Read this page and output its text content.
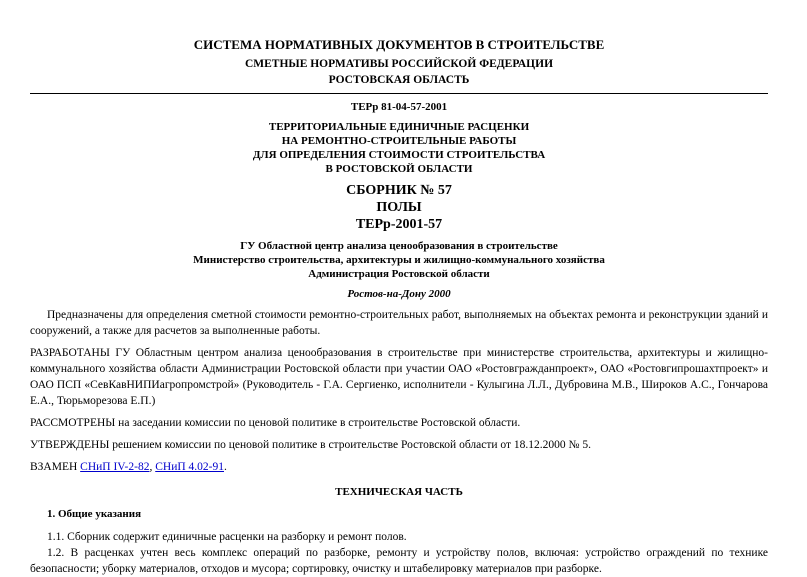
СИСТЕМА НОРМАТИВНЫХ ДОКУМЕНТОВ В СТРОИТЕЛЬСТВЕ
СМЕТНЫЕ НОРМАТИВЫ РОССИЙСКОЙ ФЕДЕРАЦИИ
РОСТОВСКАЯ ОБЛАСТЬ
ТЕРр 81-04-57-2001
ТЕРРИТОРИАЛЬНЫЕ ЕДИНИЧНЫЕ РАСЦЕНКИ
НА РЕМОНТНО-СТРОИТЕЛЬНЫЕ РАБОТЫ
ДЛЯ ОПРЕДЕЛЕНИЯ СТОИМОСТИ СТРОИТЕЛЬСТВА
В РОСТОВСКОЙ ОБЛАСТИ
СБОРНИК № 57
ПОЛЫ
ТЕРр-2001-57
ГУ Областной центр анализа ценообразования в строительстве
Министерство строительства, архитектуры и жилищно-коммунального хозяйства
Администрация Ростовской области
Ростов-на-Дону 2000

Предназначены для определения сметной стоимости ремонтно-строительных работ, выполняемых на объектах ремонта и реконструкции зданий и сооружений, а также для расчетов за выполненные работы.

РАЗРАБОТАНЫ ГУ Областным центром анализа ценообразования в строительстве при министерстве строительства, архитектуры и жилищно-коммунального хозяйства области Администрации Ростовской области при участии ОАО «Ростовгражданпроект», ОАО «Ростовгипрошахтпроект» и ОАО ПСП «СевКавНИПИагропромстрой» (Руководитель - Г.А. Сергиенко, исполнители - Кулыгина Л.Л., Дубровина М.В., Широков А.С., Гончарова Е.А., Тюрьморезова Е.П.)

РАССМОТРЕНЫ на заседании комиссии по ценовой политике в строительстве Ростовской области.

УТВЕРЖДЕНЫ решением комиссии по ценовой политике в строительстве Ростовской области от 18.12.2000 № 5.

ВЗАМЕН СНиП IV-2-82, СНиП 4.02-91.

ТЕХНИЧЕСКАЯ ЧАСТЬ
1. Общие указания

1.1. Сборник содержит единичные расценки на разборку и ремонт полов.

1.2. В расценках учтен весь комплекс операций по разборке, ремонту и устройству полов, включая: устройство ограждений по технике безопасности; уборку материалов, отходов и мусора; сортировку, очистку и штабелировку материалов при разборке.
